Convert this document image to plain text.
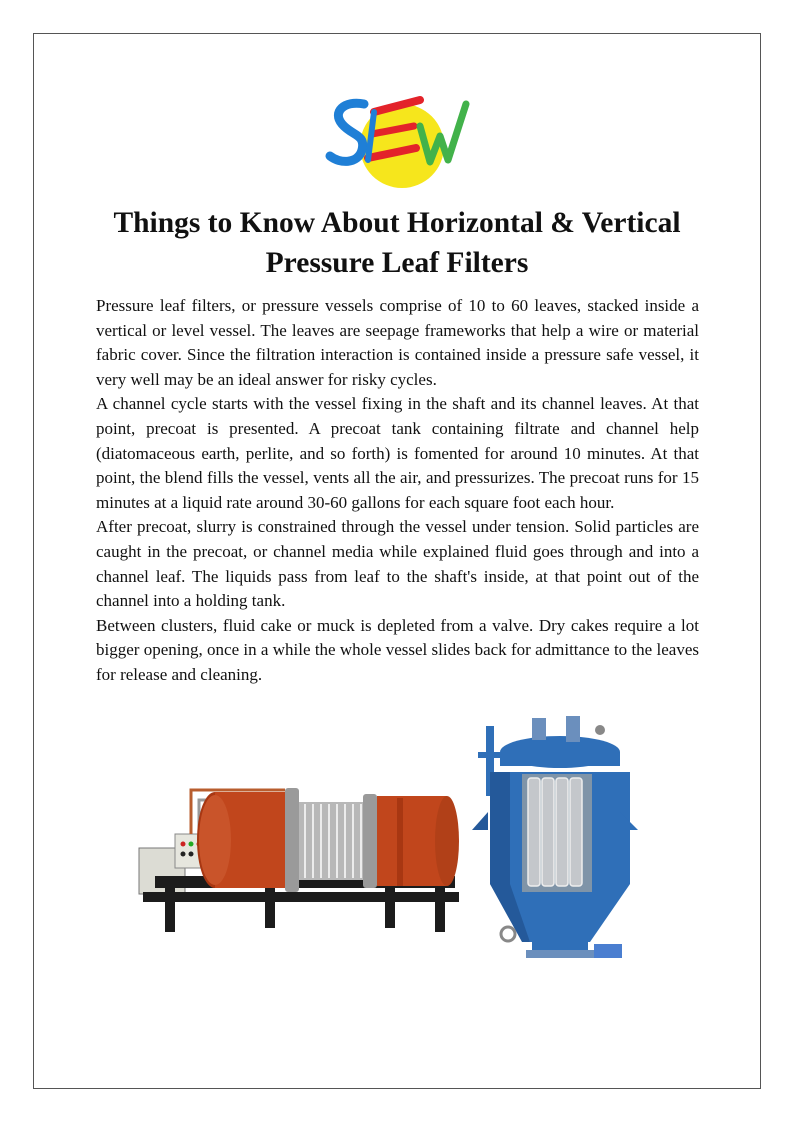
Things to Know About Horizontal & Vertical
Pressure Leaf Filters

Pressure leaf filters, or pressure vessels comprise of 10 to 60 leaves, stacked inside a vertical or level vessel. The leaves are seepage frameworks that help a wire or material fabric cover. Since the filtration interaction is contained inside a pressure safe vessel, it very well may be an ideal answer for risky cycles.

A channel cycle starts with the vessel fixing in the shaft and its channel leaves. At that point, precoat is presented. A precoat tank containing filtrate and channel help (diatomaceous earth, perlite, and so forth) is fomented for around 10 minutes. At that point, the blend fills the vessel, vents all the air, and pressurizes. The precoat runs for 15 minutes at a liquid rate around 30-60 gallons for each square foot each hour.

After precoat, slurry is constrained through the vessel under tension. Solid particles are caught in the precoat, or channel media while explained fluid goes through and into a channel leaf. The liquids pass from leaf to the shaft's inside, at that point out of the channel into a holding tank.

Between clusters, fluid cake or muck is depleted from a valve. Dry cakes require a lot bigger opening, once in a while the whole vessel slides back for admittance to the leaves for release and cleaning.
